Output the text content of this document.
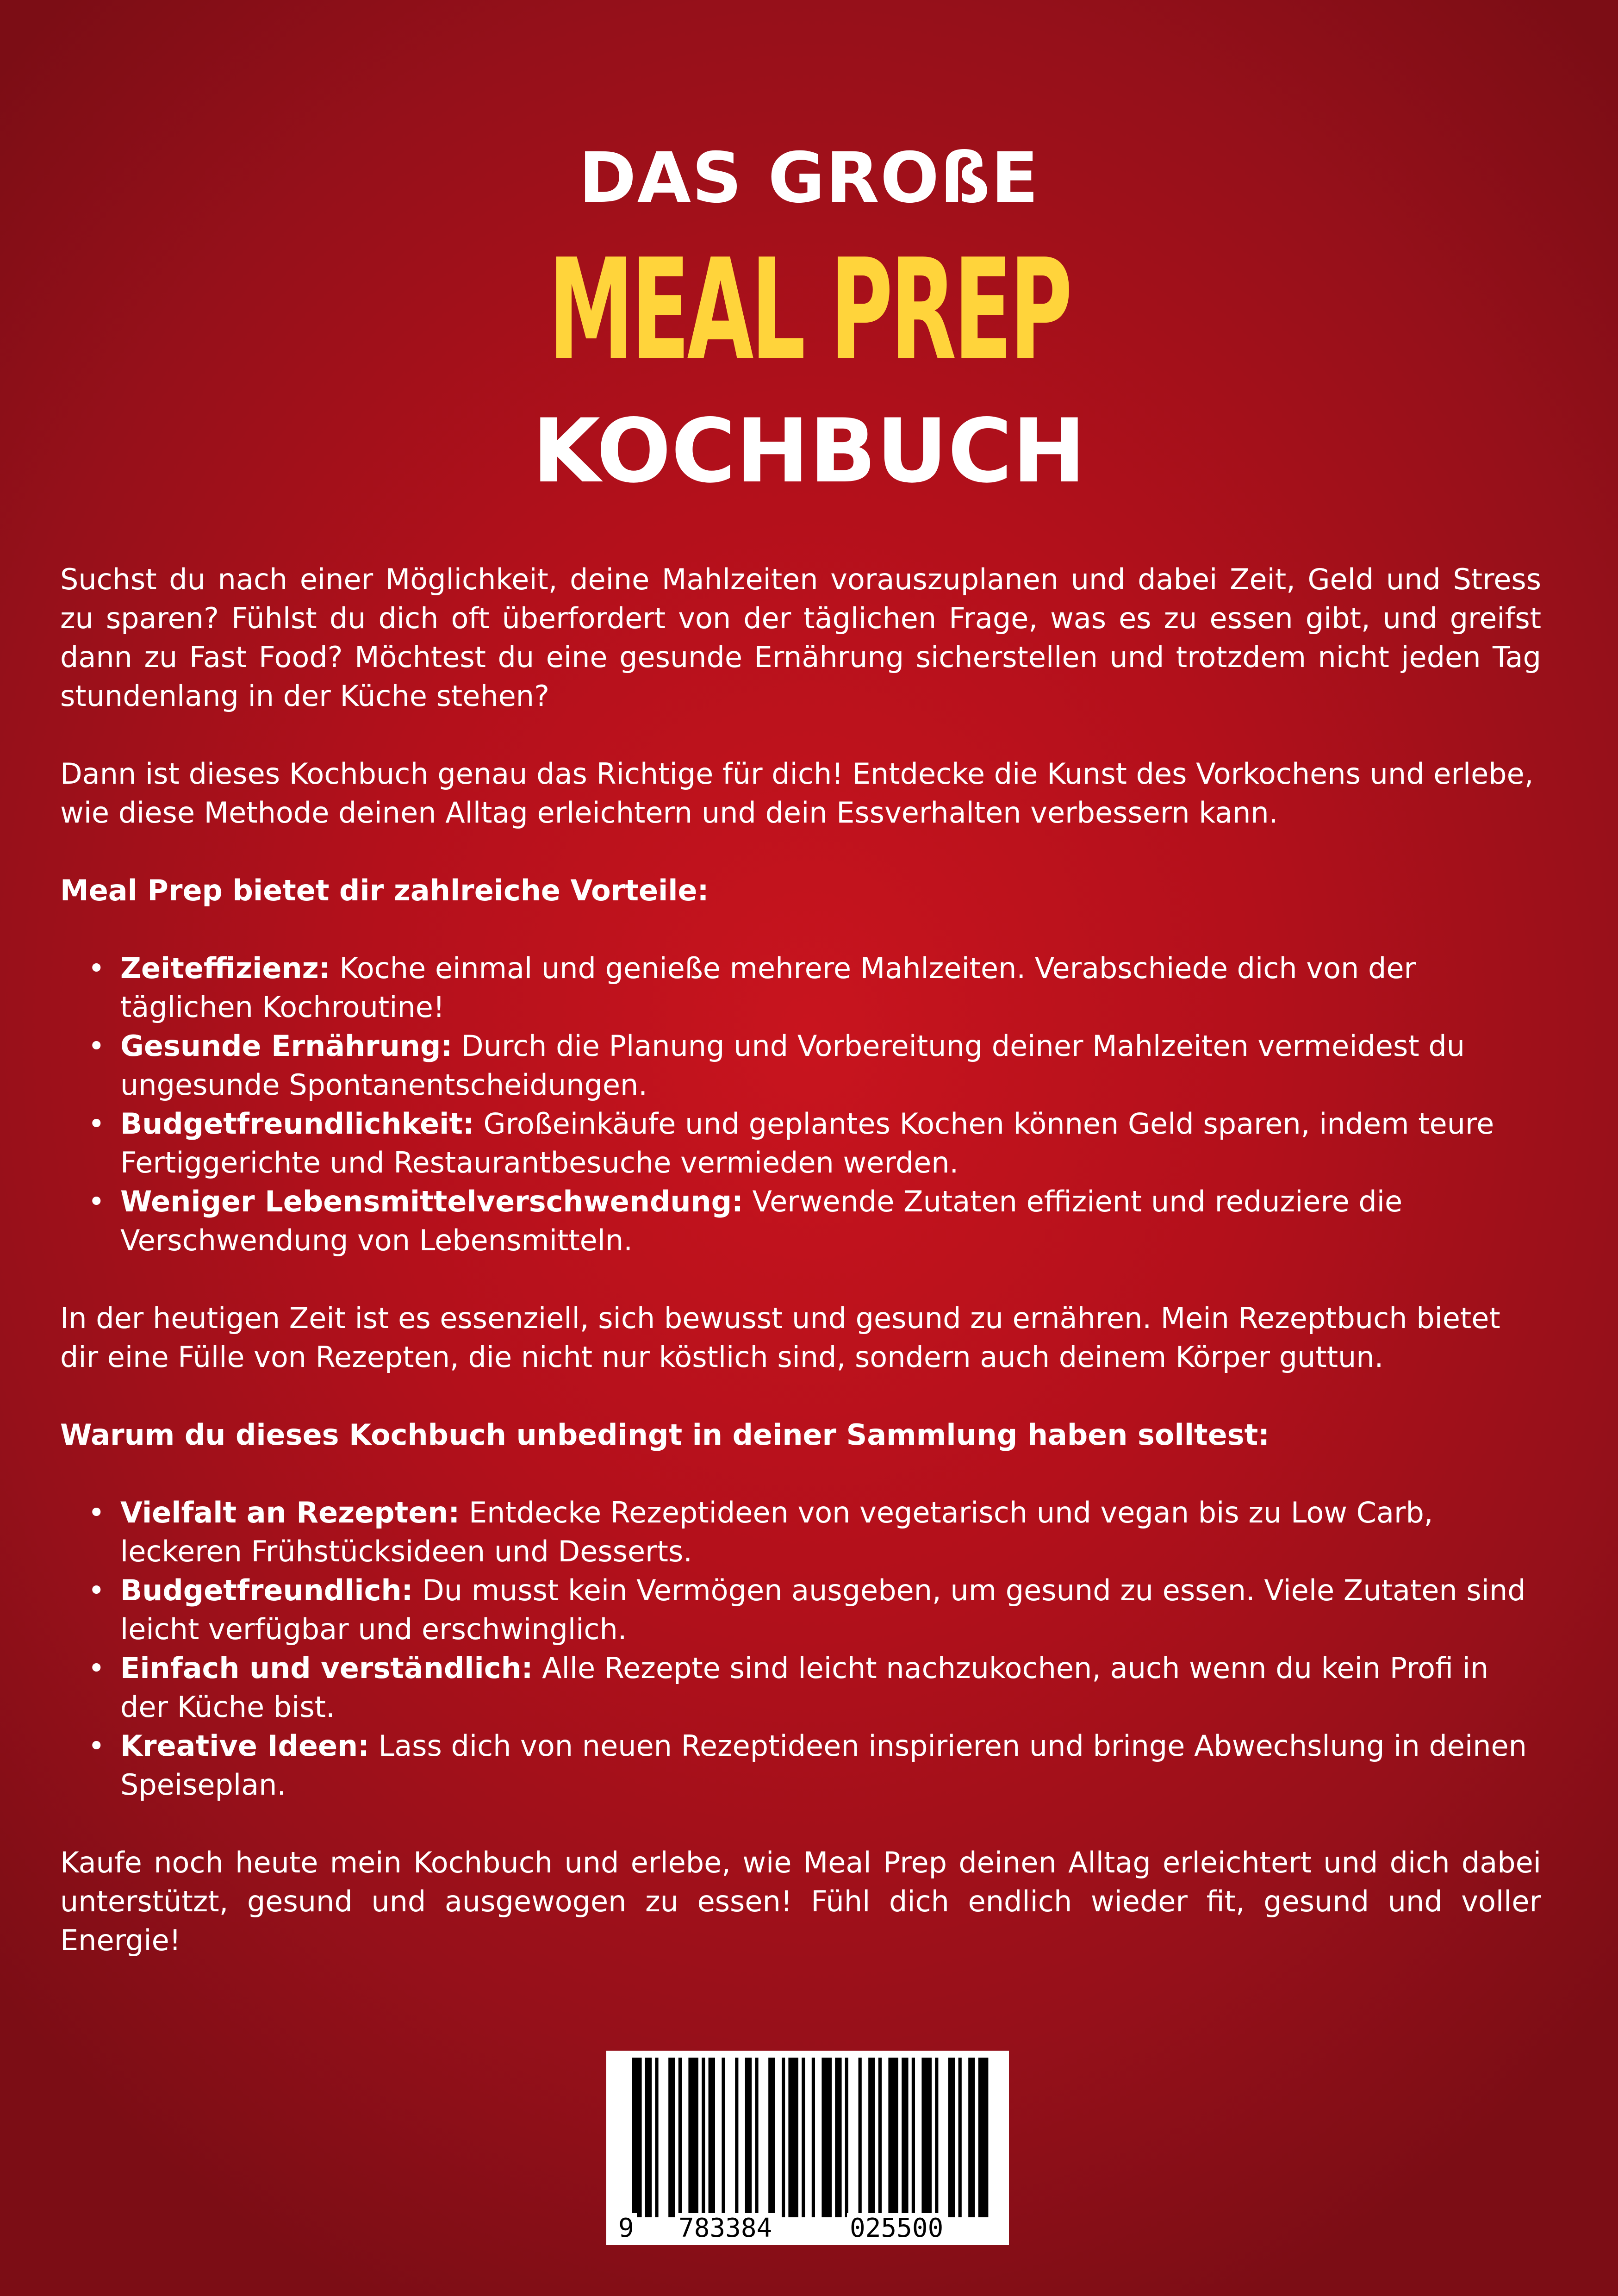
DAS GROßE
MEAL PREP
KOCHBUCH

Suchst du nach einer Möglichkeit, deine Mahlzeiten vorauszuplanen und dabei Zeit, Geld und Stress zu sparen? Fühlst du dich oft überfordert von der täglichen Frage, was es zu essen gibt, und greifst dann zu Fast Food? Möchtest du eine gesunde Ernährung sicherstellen und trotzdem nicht jeden Tag stundenlang in der Küche stehen?

Dann ist dieses Kochbuch genau das Richtige für dich! Entdecke die Kunst des Vorkochens und erlebe, wie diese Methode deinen Alltag erleichtern und dein Essverhalten verbessern kann.

Meal Prep bietet dir zahlreiche Vorteile:

• Zeiteffizienz: Koche einmal und genieße mehrere Mahlzeiten. Verabschiede dich von der täglichen Kochroutine!
• Gesunde Ernährung: Durch die Planung und Vorbereitung deiner Mahlzeiten vermeidest du ungesunde Spontanentscheidungen.
• Budgetfreundlichkeit: Großeinkäufe und geplantes Kochen können Geld sparen, indem teure Fertiggerichte und Restaurantbesuche vermieden werden.
• Weniger Lebensmittelverschwendung: Verwende Zutaten effizient und reduziere die Verschwendung von Lebensmitteln.

In der heutigen Zeit ist es essenziell, sich bewusst und gesund zu ernähren. Mein Rezeptbuch bietet dir eine Fülle von Rezepten, die nicht nur köstlich sind, sondern auch deinem Körper guttun.

Warum du dieses Kochbuch unbedingt in deiner Sammlung haben solltest:

• Vielfalt an Rezepten: Entdecke Rezeptideen von vegetarisch und vegan bis zu Low Carb, leckeren Frühstücksideen und Desserts.
• Budgetfreundlich: Du musst kein Vermögen ausgeben, um gesund zu essen. Viele Zutaten sind leicht verfügbar und erschwinglich.
• Einfach und verständlich: Alle Rezepte sind leicht nachzukochen, auch wenn du kein Profi in der Küche bist.
• Kreative Ideen: Lass dich von neuen Rezeptideen inspirieren und bringe Abwechslung in deinen Speiseplan.

Kaufe noch heute mein Kochbuch und erlebe, wie Meal Prep deinen Alltag erleichtert und dich dabei unterstützt, gesund und ausgewogen zu essen! Fühl dich endlich wieder fit, gesund und voller Energie!

9 783384	025500
